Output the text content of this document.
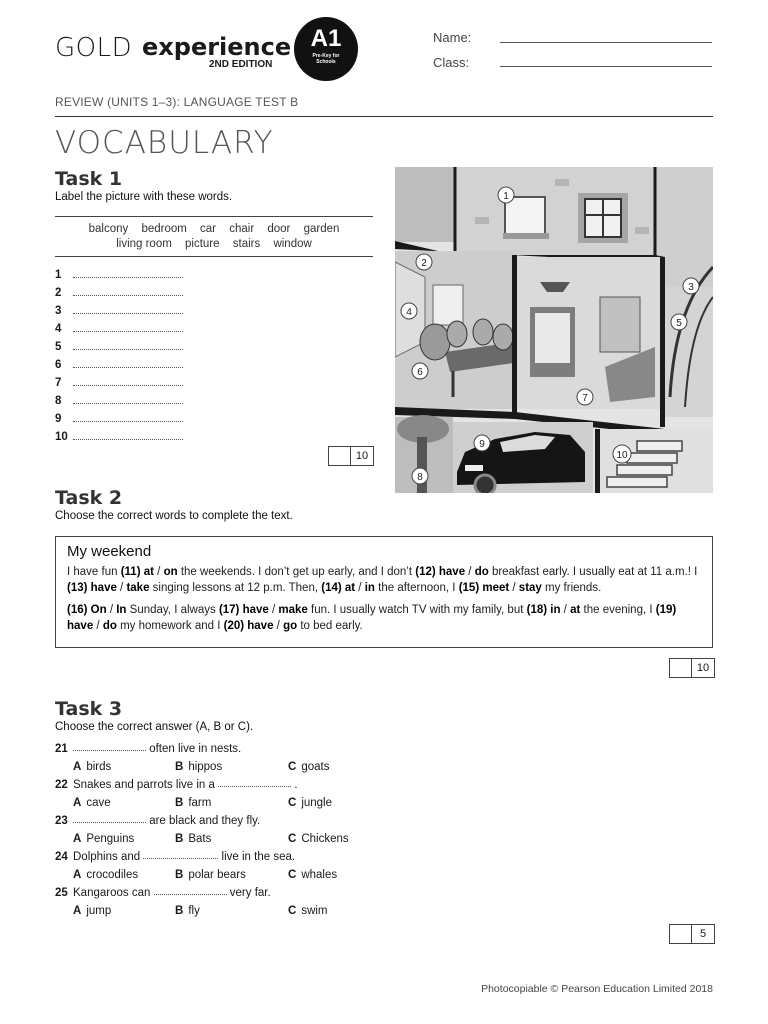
GOLD experience
2ND EDITION
A1
Pre-Key for Schools
Name:
Class:
REVIEW (UNITS 1–3): LANGUAGE TEST B
VOCABULARY
Task 1
Label the picture with these words.
balcony bedroom car chair door garden
living room picture stairs window
1
2
3
4
5
6
7
8
9
10
10
1
2
3
4
5
6
7
8
9
10
Task 2
Choose the correct words to complete the text.
My weekend

I have fun (11) at / on the weekends. I don’t get up early, and I don’t (12) have / do breakfast early. I usually eat at 11 a.m.! I (13) have / take singing lessons at 12 p.m. Then, (14) at / in the afternoon, I (15) meet / stay my friends.

(16) On / In Sunday, I always (17) have / make fun. I usually watch TV with my family, but (18) in / at the evening, I (19) have / do my homework and I (20) have / go to bed early.

10
Task 3
Choose the correct answer (A, B or C).
21
	often live in nests.
A birds	B hippos	C goats
22 Snakes and parrots live in a

	.
A cave	B farm	C jungle
23
	are black and they fly.
A Penguins	B Bats	C Chickens
24 Dolphins and

	live in the sea.
A crocodiles	B polar bears	C whales
25 Kangaroos can

	very far.
A jump	B fly	C swim
5
Photocopiable © Pearson Education Limited 2018
